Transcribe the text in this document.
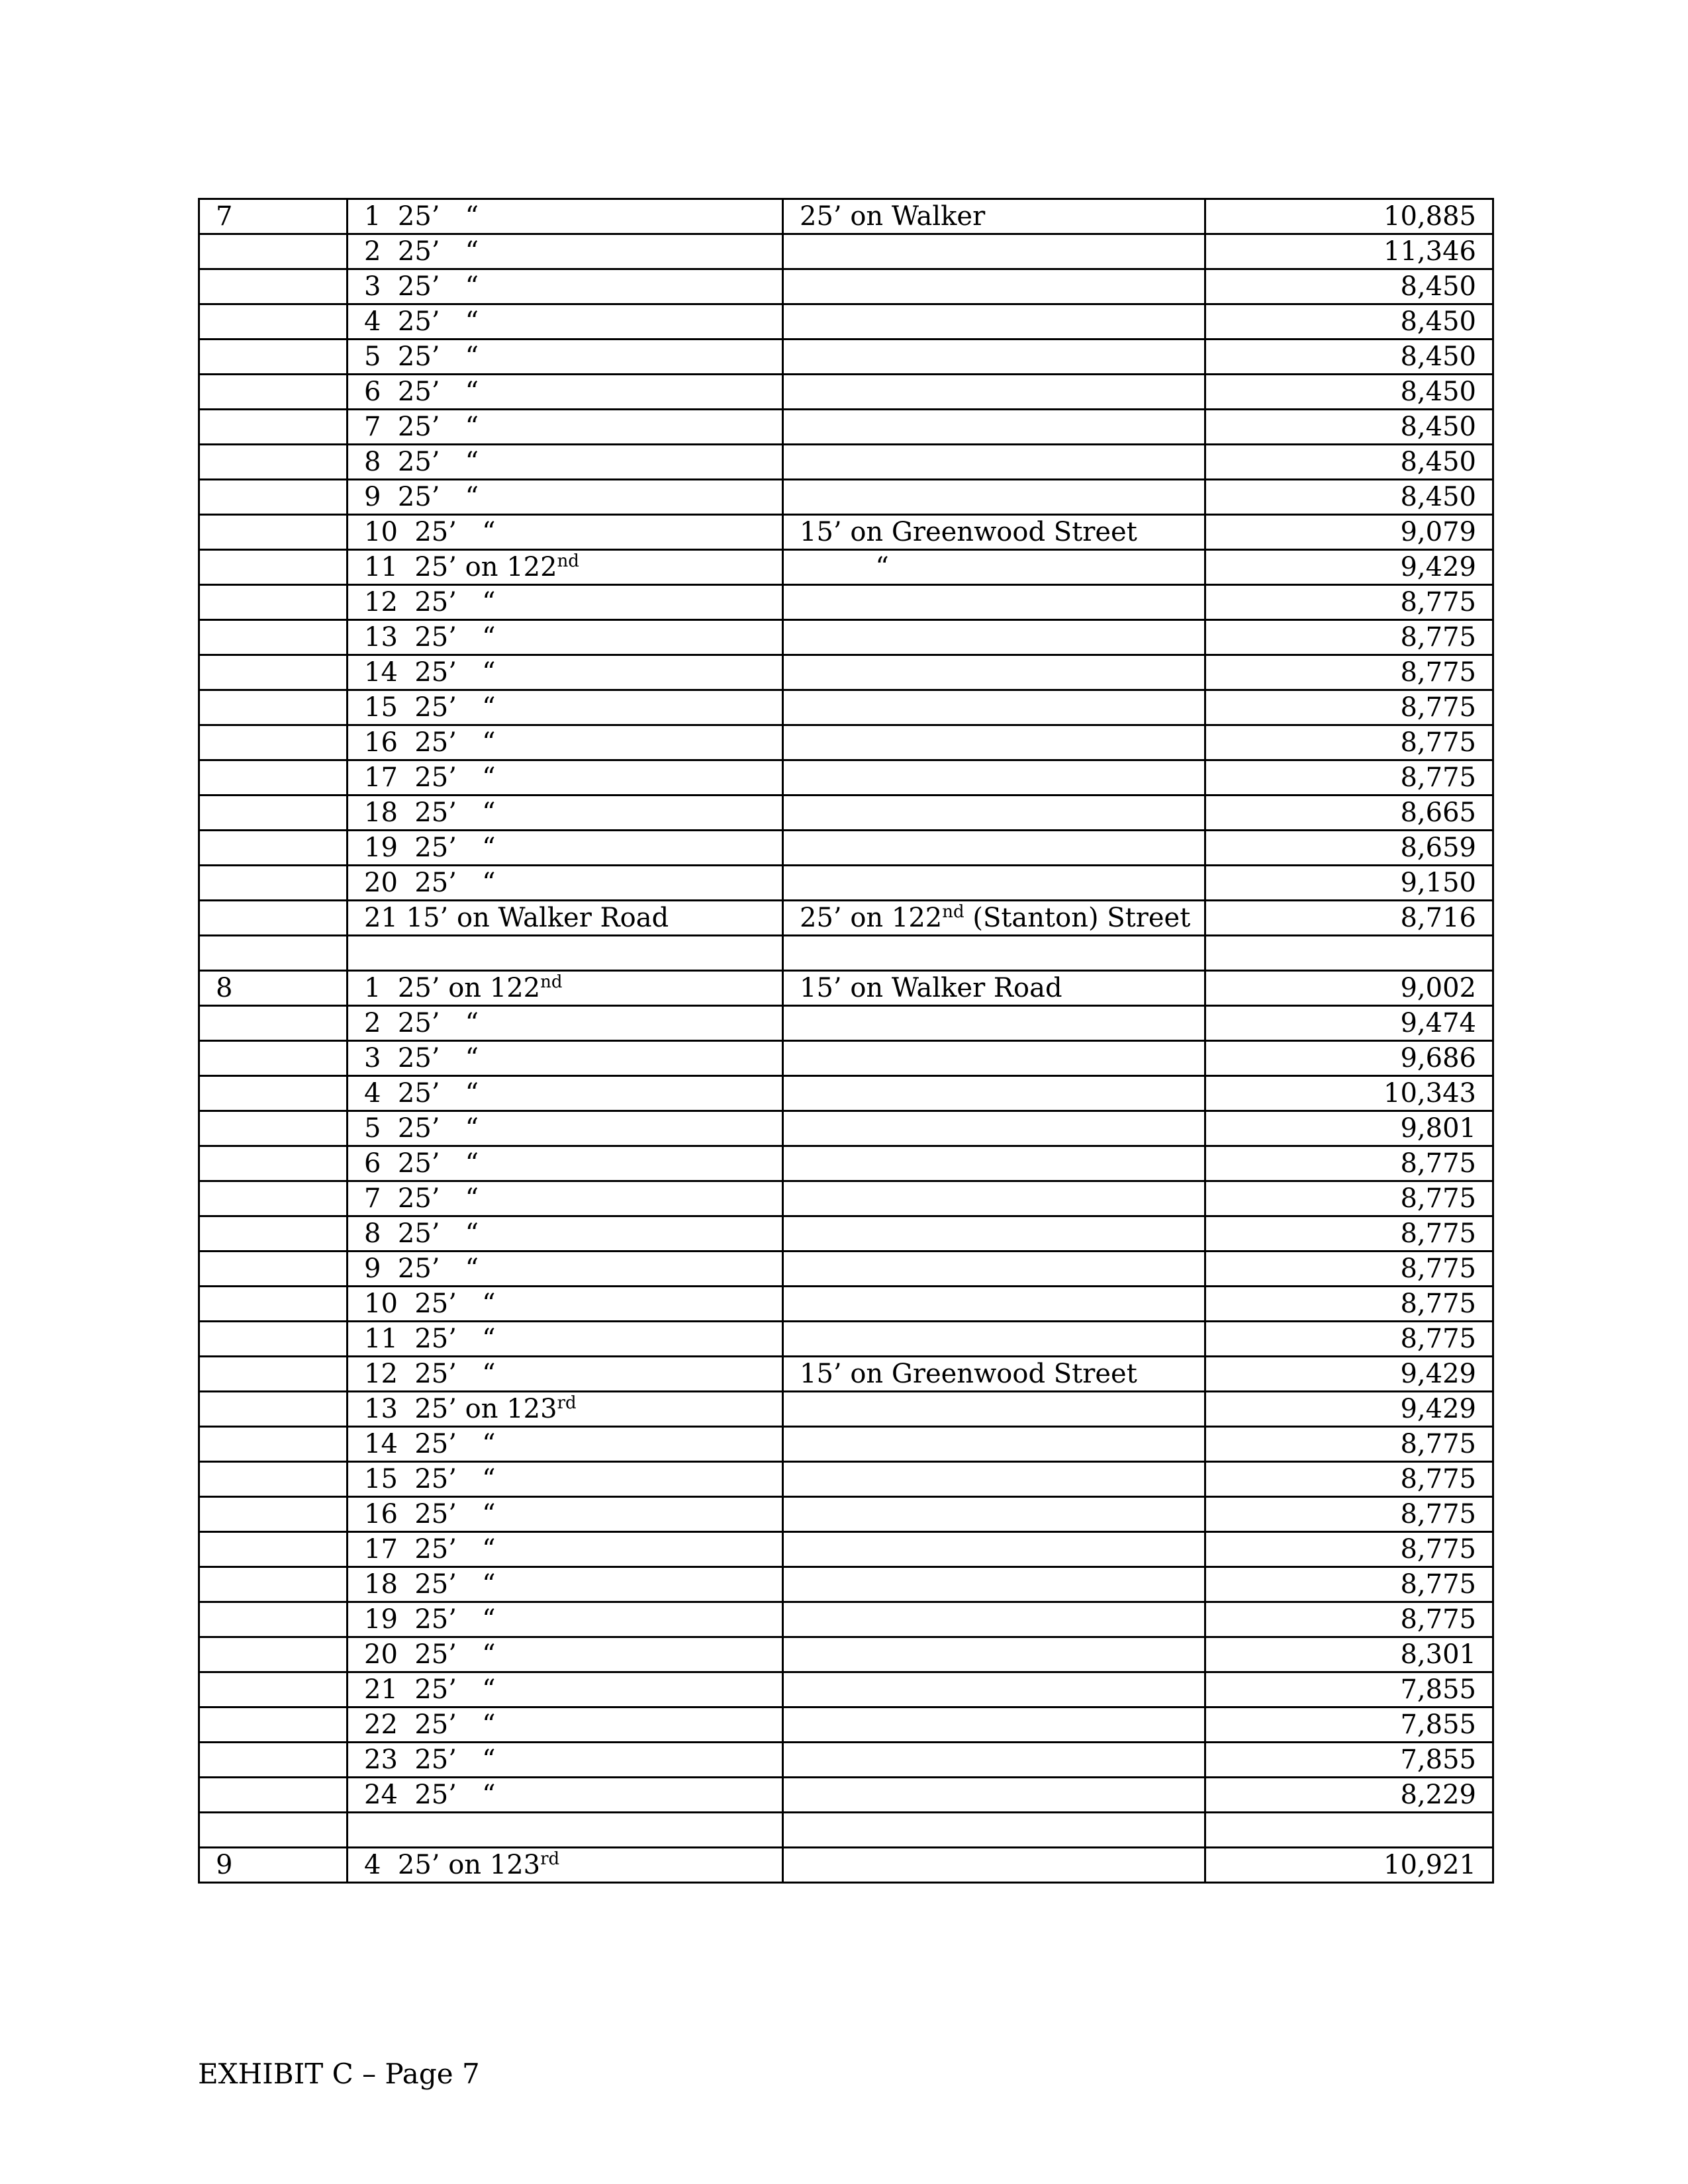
7	1  25’   “	25’ on Walker	10,885
	2  25’   “		11,346
	3  25’   “		8,450
	4  25’   “		8,450
	5  25’   “		8,450
	6  25’   “		8,450
	7  25’   “		8,450
	8  25’   “		8,450
	9  25’   “		8,450
	10  25’   “	15’ on Greenwood Street	9,079
	11  25’ on 122nd	“	9,429
	12  25’   “		8,775
	13  25’   “		8,775
	14  25’   “		8,775
	15  25’   “		8,775
	16  25’   “		8,775
	17  25’   “		8,775
	18  25’   “		8,665
	19  25’   “		8,659
	20  25’   “		9,150
	21 15’ on Walker Road	25’ on 122nd (Stanton) Street	8,716

8	1  25’ on 122nd	15’ on Walker Road	9,002
	2  25’   “		9,474
	3  25’   “		9,686
	4  25’   “		10,343
	5  25’   “		9,801
	6  25’   “		8,775
	7  25’   “		8,775
	8  25’   “		8,775
	9  25’   “		8,775
	10  25’   “		8,775
	11  25’   “		8,775
	12  25’   “	15’ on Greenwood Street	9,429
	13  25’ on 123rd		9,429
	14  25’   “		8,775
	15  25’   “		8,775
	16  25’   “		8,775
	17  25’   “		8,775
	18  25’   “		8,775
	19  25’   “		8,775
	20  25’   “		8,301
	21  25’   “		7,855
	22  25’   “		7,855
	23  25’   “		7,855
	24  25’   “		8,229

9	4  25’ on 123rd		10,921
EXHIBIT C – Page 7
